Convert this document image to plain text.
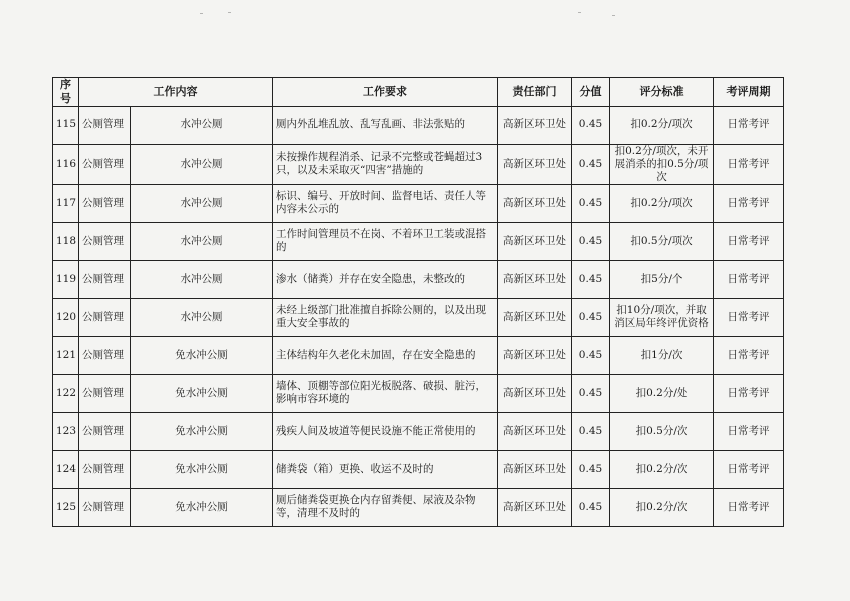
序号	工作内容		工作要求	责任部门	分值	评分标准	考评周期
115	公厕管理	水冲公厕	厕内外乱堆乱放、乱写乱画、非法张贴的	高新区环卫处	0.45	扣0.2分/项次	日常考评
116	公厕管理	水冲公厕	未按操作规程消杀、记录不完整或苍蝇超过3只，以及未采取灭“四害”措施的	高新区环卫处	0.45	扣0.2分/项次，未开展消杀的扣0.5分/项次	日常考评
117	公厕管理	水冲公厕	标识、编号、开放时间、监督电话、责任人等内容未公示的	高新区环卫处	0.45	扣0.2分/项次	日常考评
118	公厕管理	水冲公厕	工作时间管理员不在岗、不着环卫工装或混搭的	高新区环卫处	0.45	扣0.5分/项次	日常考评
119	公厕管理	水冲公厕	渗水（储粪）并存在安全隐患，未整改的	高新区环卫处	0.45	扣5分/个	日常考评
120	公厕管理	水冲公厕	未经上级部门批准擅自拆除公厕的，以及出现重大安全事故的	高新区环卫处	0.45	扣10分/项次，并取消区局年终评优资格	日常考评
121	公厕管理	免水冲公厕	主体结构年久老化未加固，存在安全隐患的	高新区环卫处	0.45	扣1分/次	日常考评
122	公厕管理	免水冲公厕	墙体、顶棚等部位阳光板脱落、破损、脏污，影响市容环境的	高新区环卫处	0.45	扣0.2分/处	日常考评
123	公厕管理	免水冲公厕	残疾人间及坡道等便民设施不能正常使用的	高新区环卫处	0.45	扣0.5分/次	日常考评
124	公厕管理	免水冲公厕	储粪袋（箱）更换、收运不及时的	高新区环卫处	0.45	扣0.2分/次	日常考评
125	公厕管理	免水冲公厕	厕后储粪袋更换仓内存留粪便、尿液及杂物等，清理不及时的	高新区环卫处	0.45	扣0.2分/次	日常考评
